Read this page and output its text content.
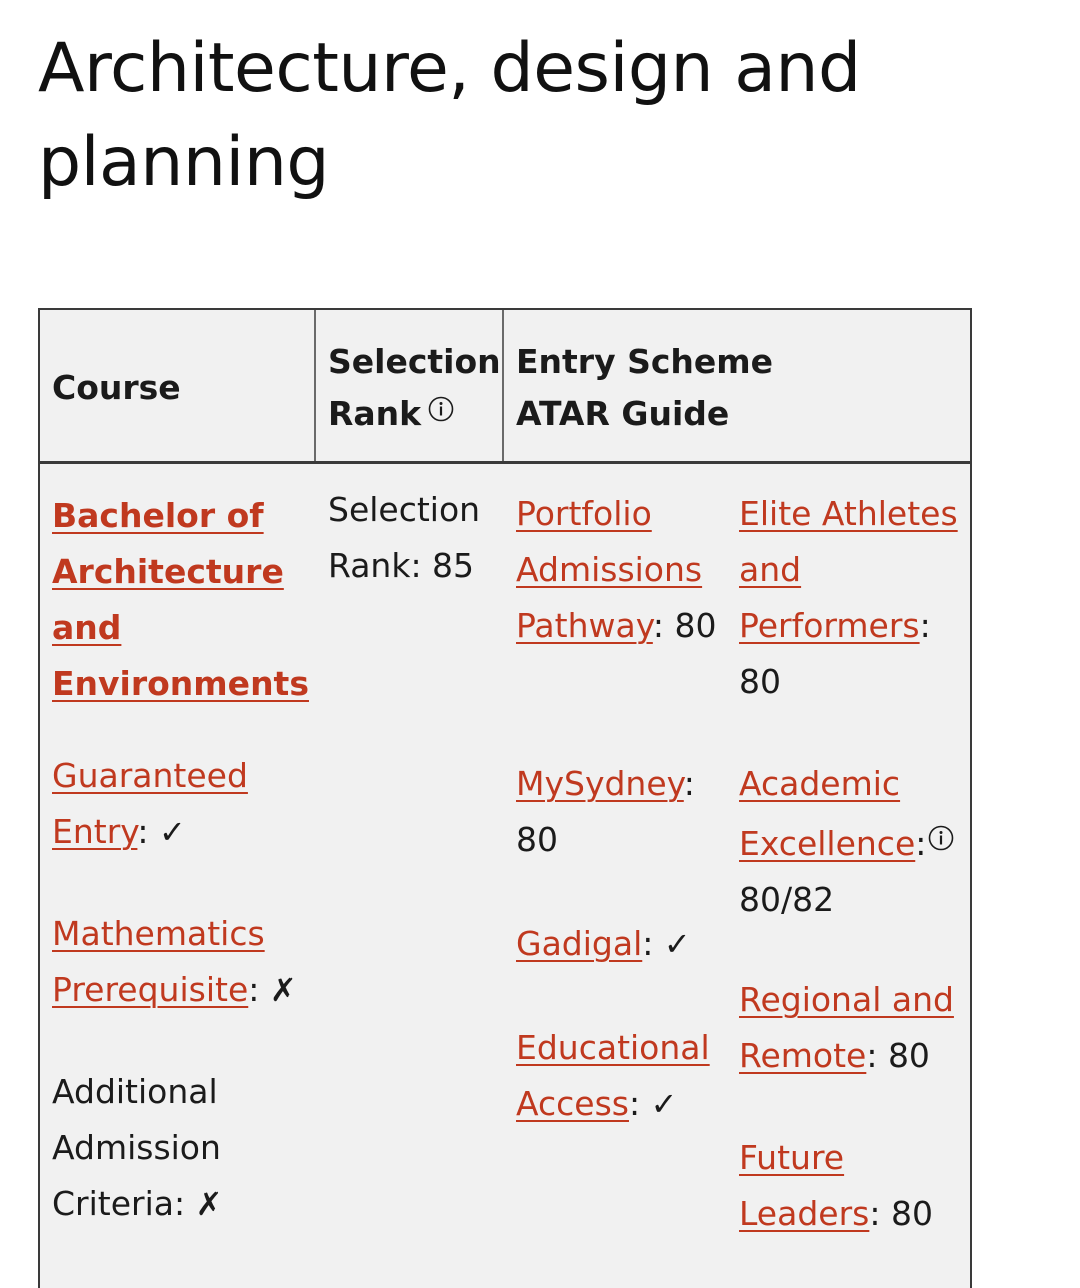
Architecture, design and planning
Course
Selection Rank
Entry Scheme ATAR Guide
Bachelor of Architecture and Environments
Guaranteed Entry: ✓
Mathematics Prerequisite: ✗
Additional Admission Criteria: ✗
Selection Rank: 85
Portfolio Admissions Pathway: 80
MySydney: 80
Gadigal: ✓
Educational Access: ✓
Elite Athletes and Performers: 80
Academic Excellence: 80/82
Regional and Remote: 80
Future Leaders: 80
